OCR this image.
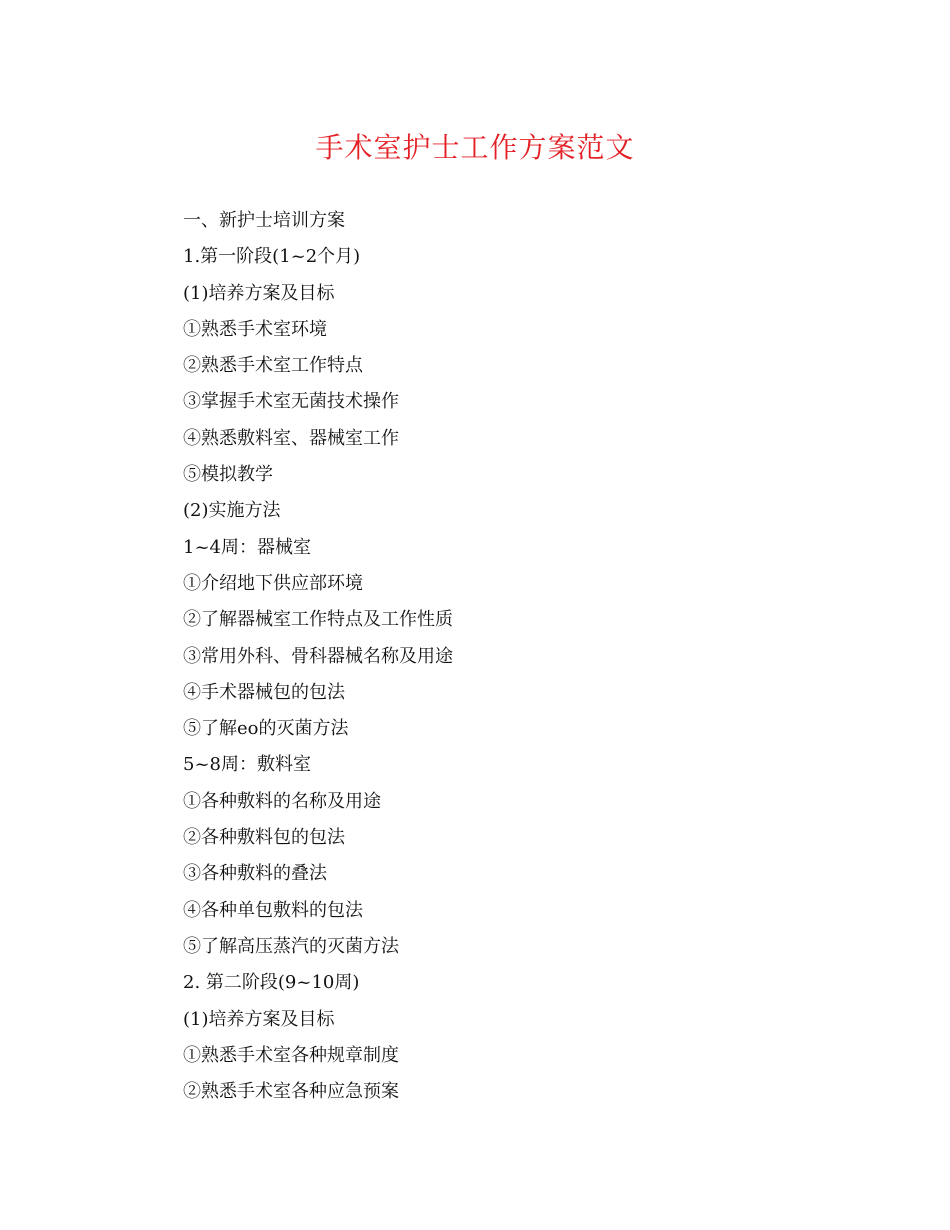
手术室护士工作方案范文
一、新护士培训方案
1.第一阶段(1~2个月)
(1)培养方案及目标
①熟悉手术室环境
②熟悉手术室工作特点
③掌握手术室无菌技术操作
④熟悉敷料室、器械室工作
⑤模拟教学
(2)实施方法
1~4周：器械室
①介绍地下供应部环境
②了解器械室工作特点及工作性质
③常用外科、骨科器械名称及用途
④手术器械包的包法
⑤了解eo的灭菌方法
5~8周：敷料室
①各种敷料的名称及用途
②各种敷料包的包法
③各种敷料的叠法
④各种单包敷料的包法
⑤了解高压蒸汽的灭菌方法
2. 第二阶段(9~10周)
(1)培养方案及目标
①熟悉手术室各种规章制度
②熟悉手术室各种应急预案
